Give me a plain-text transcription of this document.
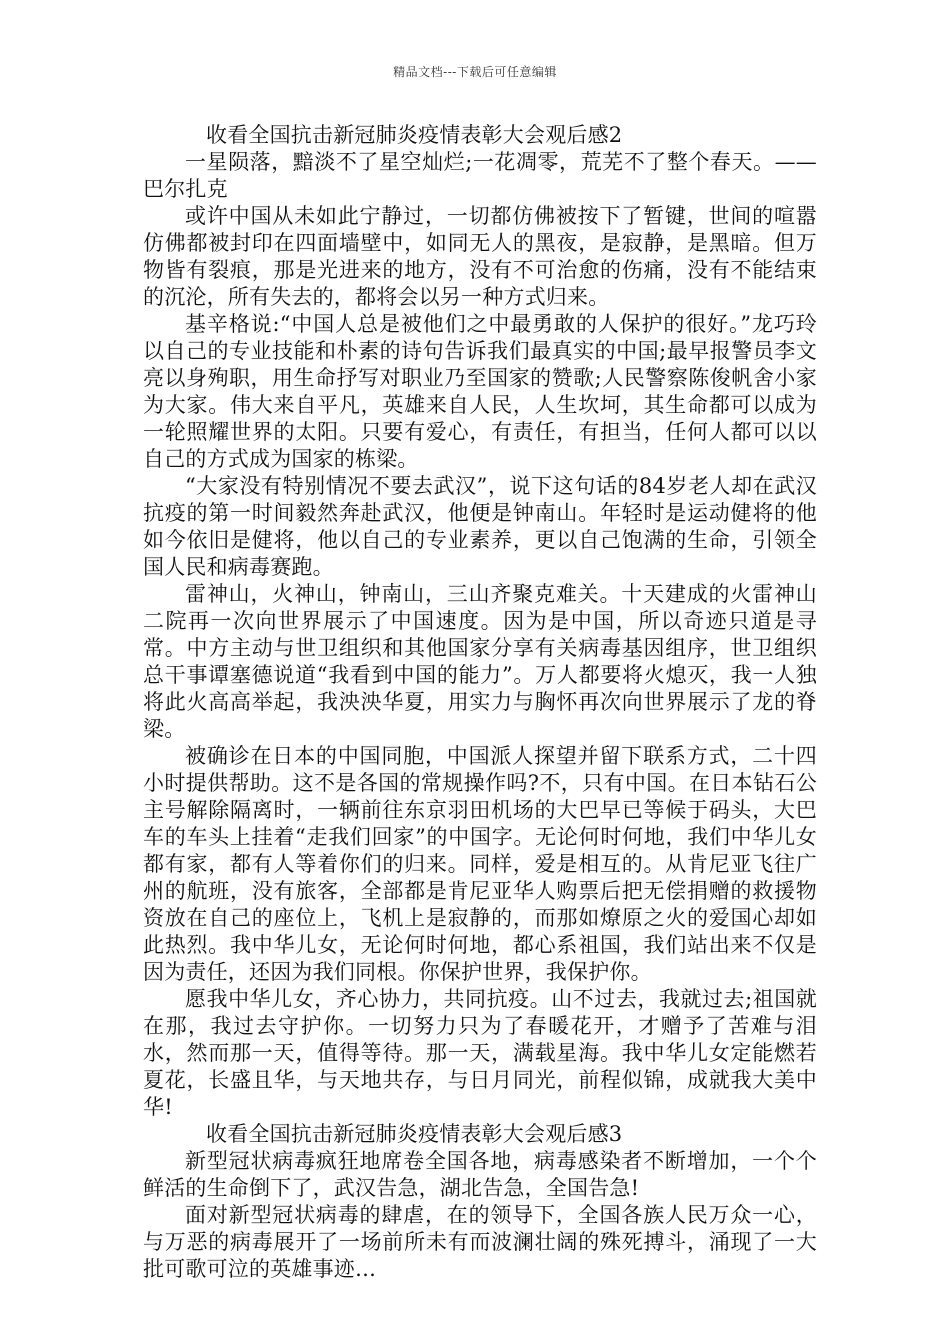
精品文档---下载后可任意编辑

收看全国抗击新冠肺炎疫情表彰大会观后感2

一星陨落，黯淡不了星空灿烂;一花凋零，荒芜不了整个春天。——巴尔扎克

或许中国从未如此宁静过，一切都仿佛被按下了暂键，世间的喧嚣仿佛都被封印在四面墙壁中，如同无人的黑夜，是寂静，是黑暗。但万物皆有裂痕，那是光进来的地方，没有不可治愈的伤痛，没有不能结束的沉沦，所有失去的，都将会以另一种方式归来。

基辛格说:“中国人总是被他们之中最勇敢的人保护的很好。”龙巧玲以自己的专业技能和朴素的诗句告诉我们最真实的中国;最早报警员李文亮以身殉职，用生命抒写对职业乃至国家的赞歌;人民警察陈俊帆舍小家为大家。伟大来自平凡，英雄来自人民，人生坎坷，其生命都可以成为一轮照耀世界的太阳。只要有爱心，有责任，有担当，任何人都可以以自己的方式成为国家的栋梁。

“大家没有特别情况不要去武汉”，说下这句话的84岁老人却在武汉抗疫的第一时间毅然奔赴武汉，他便是钟南山。年轻时是运动健将的他如今依旧是健将，他以自己的专业素养，更以自己饱满的生命，引领全国人民和病毒赛跑。

雷神山，火神山，钟南山，三山齐聚克难关。十天建成的火雷神山二院再一次向世界展示了中国速度。因为是中国，所以奇迹只道是寻常。中方主动与世卫组织和其他国家分享有关病毒基因组序，世卫组织总干事谭塞德说道“我看到中国的能力”。万人都要将火熄灭，我一人独将此火高高举起，我泱泱华夏，用实力与胸怀再次向世界展示了龙的脊梁。

被确诊在日本的中国同胞，中国派人探望并留下联系方式，二十四小时提供帮助。这不是各国的常规操作吗?不，只有中国。在日本钻石公主号解除隔离时，一辆前往东京羽田机场的大巴早已等候于码头，大巴车的车头上挂着“走我们回家”的中国字。无论何时何地，我们中华儿女都有家，都有人等着你们的归来。同样，爱是相互的。从肯尼亚飞往广州的航班，没有旅客，全部都是肯尼亚华人购票后把无偿捐赠的救援物资放在自己的座位上，飞机上是寂静的，而那如燎原之火的爱国心却如此热烈。我中华儿女，无论何时何地，都心系祖国，我们站出来不仅是因为责任，还因为我们同根。你保护世界，我保护你。

愿我中华儿女，齐心协力，共同抗疫。山不过去，我就过去;祖国就在那，我过去守护你。一切努力只为了春暖花开，才赠予了苦难与泪水，然而那一天，值得等待。那一天，满载星海。我中华儿女定能燃若夏花，长盛且华，与天地共存，与日月同光，前程似锦，成就我大美中华!

收看全国抗击新冠肺炎疫情表彰大会观后感3

新型冠状病毒疯狂地席卷全国各地，病毒感染者不断增加，一个个鲜活的生命倒下了，武汉告急，湖北告急，全国告急!

面对新型冠状病毒的肆虐，在的领导下，全国各族人民万众一心，与万恶的病毒展开了一场前所未有而波澜壮阔的殊死搏斗，涌现了一大批可歌可泣的英雄事迹…
